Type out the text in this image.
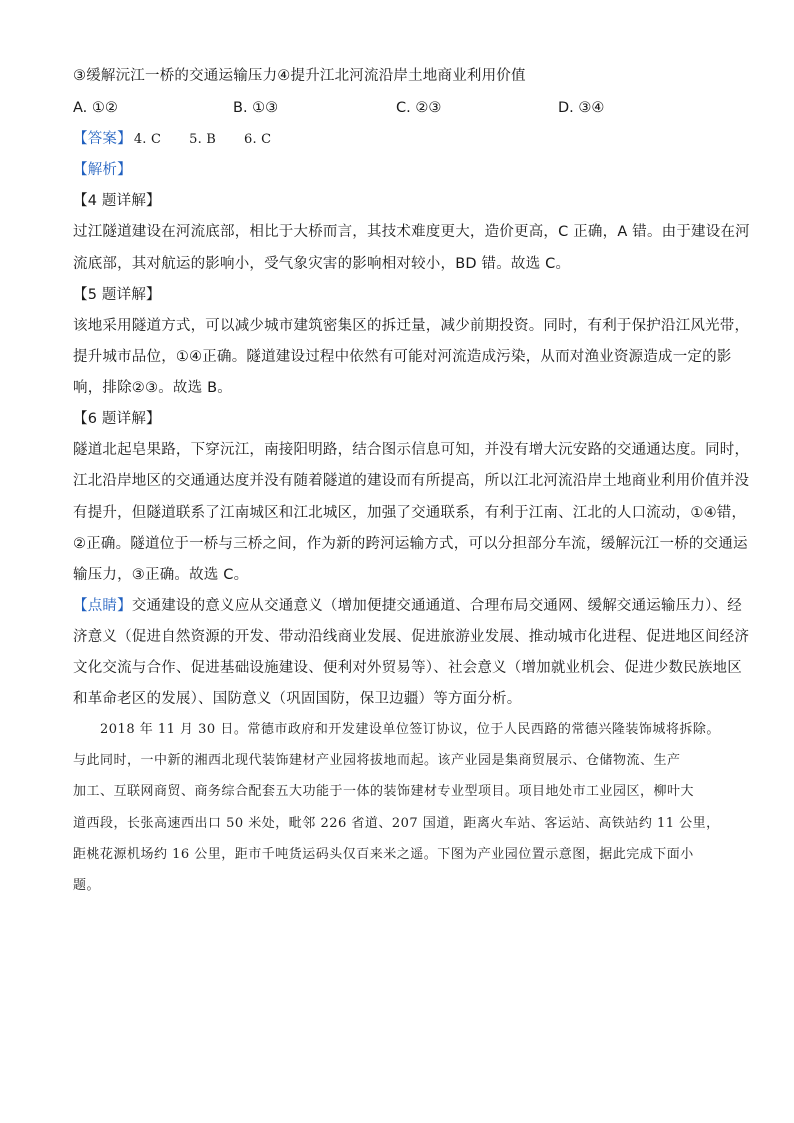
③缓解沅江一桥的交通运输压力④提升江北河流沿岸土地商业利用价值
A. ①②	B. ①③	C. ②③	D. ③④
【答案】 4. C 5. B 6. C
【解析】
【4 题详解】
过江隧道建设在河流底部，相比于大桥而言，其技术难度更大，造价更高，C 正确，A 错。由于建设在河
流底部，其对航运的影响小，受气象灾害的影响相对较小，BD 错。故选 C。
【5 题详解】
该地采用隧道方式，可以减少城市建筑密集区的拆迁量，减少前期投资。同时，有利于保护沿江风光带，
提升城市品位，①④正确。隧道建设过程中依然有可能对河流造成污染，从而对渔业资源造成一定的影
响，排除②③。故选 B。
【6 题详解】
隧道北起皂果路，下穿沅江，南接阳明路，结合图示信息可知，并没有增大沅安路的交通通达度。同时，
江北沿岸地区的交通通达度并没有随着隧道的建设而有所提高，所以江北河流沿岸土地商业利用价值并没
有提升，但隧道联系了江南城区和江北城区，加强了交通联系，有利于江南、江北的人口流动，①④错，
②正确。隧道位于一桥与三桥之间，作为新的跨河运输方式，可以分担部分车流，缓解沅江一桥的交通运
输压力，③正确。故选 C。
【点睛】交通建设的意义应从交通意义（增加便捷交通通道、合理布局交通网、缓解交通运输压力）、经
济意义（促进自然资源的开发、带动沿线商业发展、促进旅游业发展、推动城市化进程、促进地区间经济
文化交流与合作、促进基础设施建设、便利对外贸易等）、社会意义（增加就业机会、促进少数民族地区
和革命老区的发展）、国防意义（巩固国防，保卫边疆）等方面分析。
2018 年 11 月 30 日。常德市政府和开发建设单位签订协议，位于人民西路的常德兴隆装饰城将拆除。
与此同时，一中新的湘西北现代装饰建材产业园将拔地而起。该产业园是集商贸展示、仓储物流、生产
加工、互联网商贸、商务综合配套五大功能于一体的装饰建材专业型项目。项目地处市工业园区，柳叶大
道西段，长张高速西出口 50 米处，毗邻 226 省道、207 国道，距离火车站、客运站、高铁站约 11 公里，
距桃花源机场约 16 公里，距市千吨货运码头仅百来米之遥。下图为产业园位置示意图，据此完成下面小
题。
